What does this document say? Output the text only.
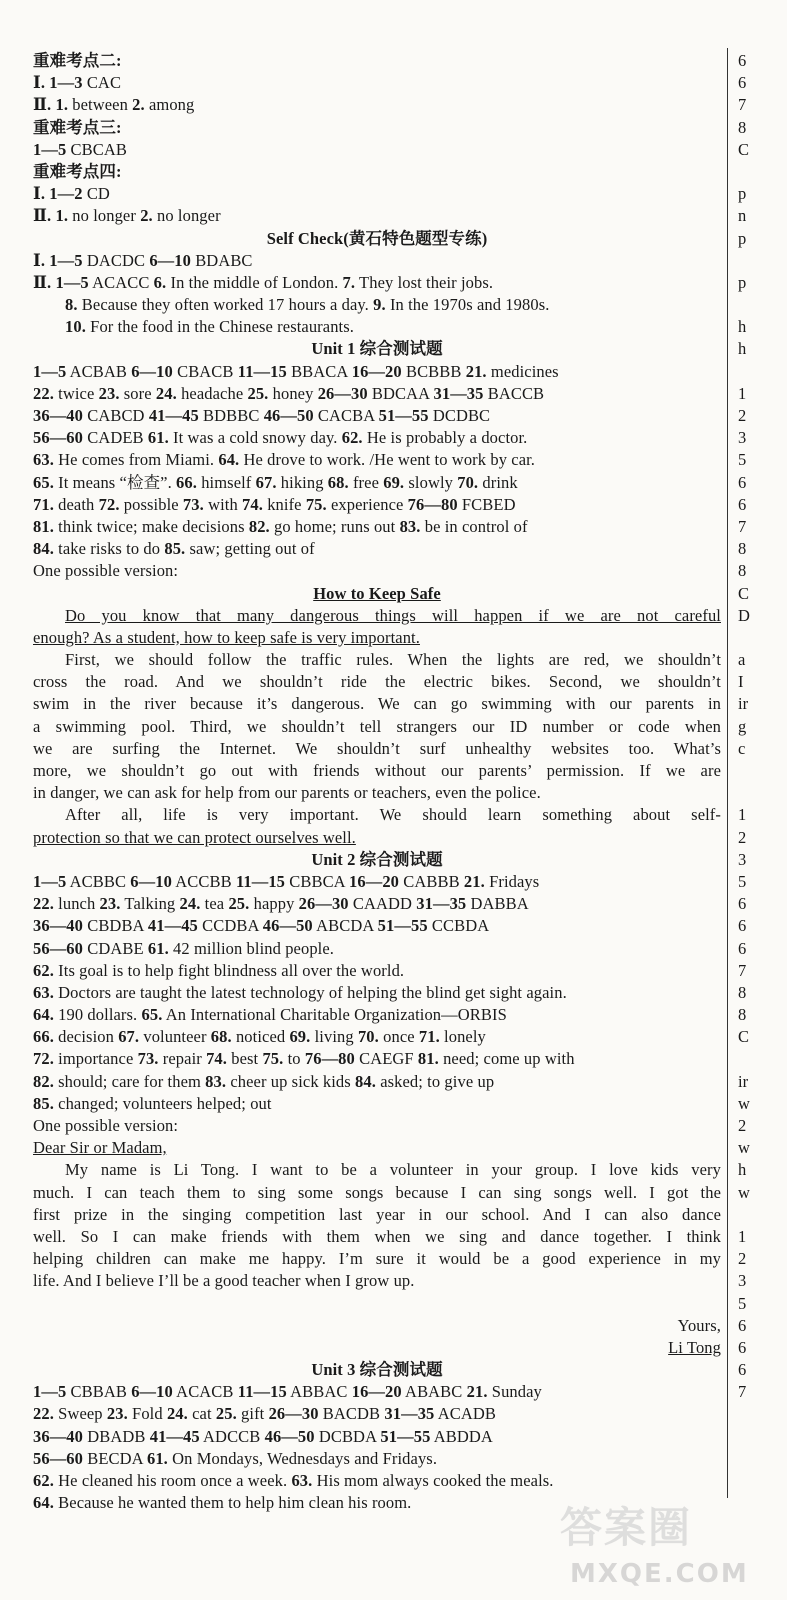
重难考点二:
Ⅰ. 1—3 CAC
Ⅱ. 1. between 2. among
重难考点三:
1—5 CBCAB
重难考点四:
Ⅰ. 1—2 CD
Ⅱ. 1. no longer 2. no longer
Self Check(黄石特色题型专练)
Ⅰ. 1—5 DACDC 6—10 BDABC
Ⅱ. 1—5 ACACC 6. In the middle of London. 7. They lost their jobs.
8. Because they often worked 17 hours a day. 9. In the 1970s and 1980s.
10. For the food in the Chinese restaurants.
Unit 1 综合测试题
1—5 ACBAB 6—10 CBACB 11—15 BBACA 16—20 BCBBB 21. medicines
22. twice 23. sore 24. headache 25. honey 26—30 BDCAA 31—35 BACCB
36—40 CABCD 41—45 BDBBC 46—50 CACBA 51—55 DCDBC
56—60 CADEB 61. It was a cold snowy day. 62. He is probably a doctor.
63. He comes from Miami. 64. He drove to work. /He went to work by car.
65. It means “检查”. 66. himself 67. hiking 68. free 69. slowly 70. drink
71. death 72. possible 73. with 74. knife 75. experience 76—80 FCBED
81. think twice; make decisions 82. go home; runs out 83. be in control of
84. take risks to do 85. saw; getting out of
One possible version:
How to Keep Safe
Do you know that many dangerous things will happen if we are not careful
enough? As a student, how to keep safe is very important.
First, we should follow the traffic rules. When the lights are red, we shouldn’t
cross the road. And we shouldn’t ride the electric bikes. Second, we shouldn’t
swim in the river because it’s dangerous. We can go swimming with our parents in
a swimming pool. Third, we shouldn’t tell strangers our ID number or code when
we are surfing the Internet. We shouldn’t surf unhealthy websites too. What’s
more, we shouldn’t go out with friends without our parents’ permission. If we are
in danger, we can ask for help from our parents or teachers, even the police.
After all, life is very important. We should learn something about self-
protection so that we can protect ourselves well.
Unit 2 综合测试题
1—5 ACBBC 6—10 ACCBB 11—15 CBBCA 16—20 CABBB 21. Fridays
22. lunch 23. Talking 24. tea 25. happy 26—30 CAADD 31—35 DABBA
36—40 CBDBA 41—45 CCDBA 46—50 ABCDA 51—55 CCBDA
56—60 CDABE 61. 42 million blind people.
62. Its goal is to help fight blindness all over the world.
63. Doctors are taught the latest technology of helping the blind get sight again.
64. 190 dollars. 65. An International Charitable Organization—ORBIS
66. decision 67. volunteer 68. noticed 69. living 70. once 71. lonely
72. importance 73. repair 74. best 75. to 76—80 CAEGF 81. need; come up with
82. should; care for them 83. cheer up sick kids 84. asked; to give up
85. changed; volunteers helped; out
One possible version:
Dear Sir or Madam,
My name is Li Tong. I want to be a volunteer in your group. I love kids very
much. I can teach them to sing some songs because I can sing songs well. I got the
first prize in the singing competition last year in our school. And I can also dance
well. So I can make friends with them when we sing and dance together. I think
helping children can make me happy. I’m sure it would be a good experience in my
life. And I believe I’ll be a good teacher when I grow up.
Yours,
Li Tong
Unit 3 综合测试题
1—5 CBBAB 6—10 ACACB 11—15 ABBAC 16—20 ABABC 21. Sunday
22. Sweep 23. Fold 24. cat 25. gift 26—30 BACDB 31—35 ACADB
36—40 DBADB 41—45 ADCCB 46—50 DCBDA 51—55 ABDDA
56—60 BECDA 61. On Mondays, Wednesdays and Fridays.
62. He cleaned his room once a week. 63. His mom always cooked the meals.
64. Because he wanted them to help him clean his room.
6
6
7
8
C
p
n
p
p
h
h
1
2
3
5
6
6
7
8
8
C
D
a
I
ir
g
c
1
2
3
5
6
6
6
7
8
8
C
ir
w
2
w
h
w
1
2
3
5
6
6
6
7
答案圈
MXQE.COM
